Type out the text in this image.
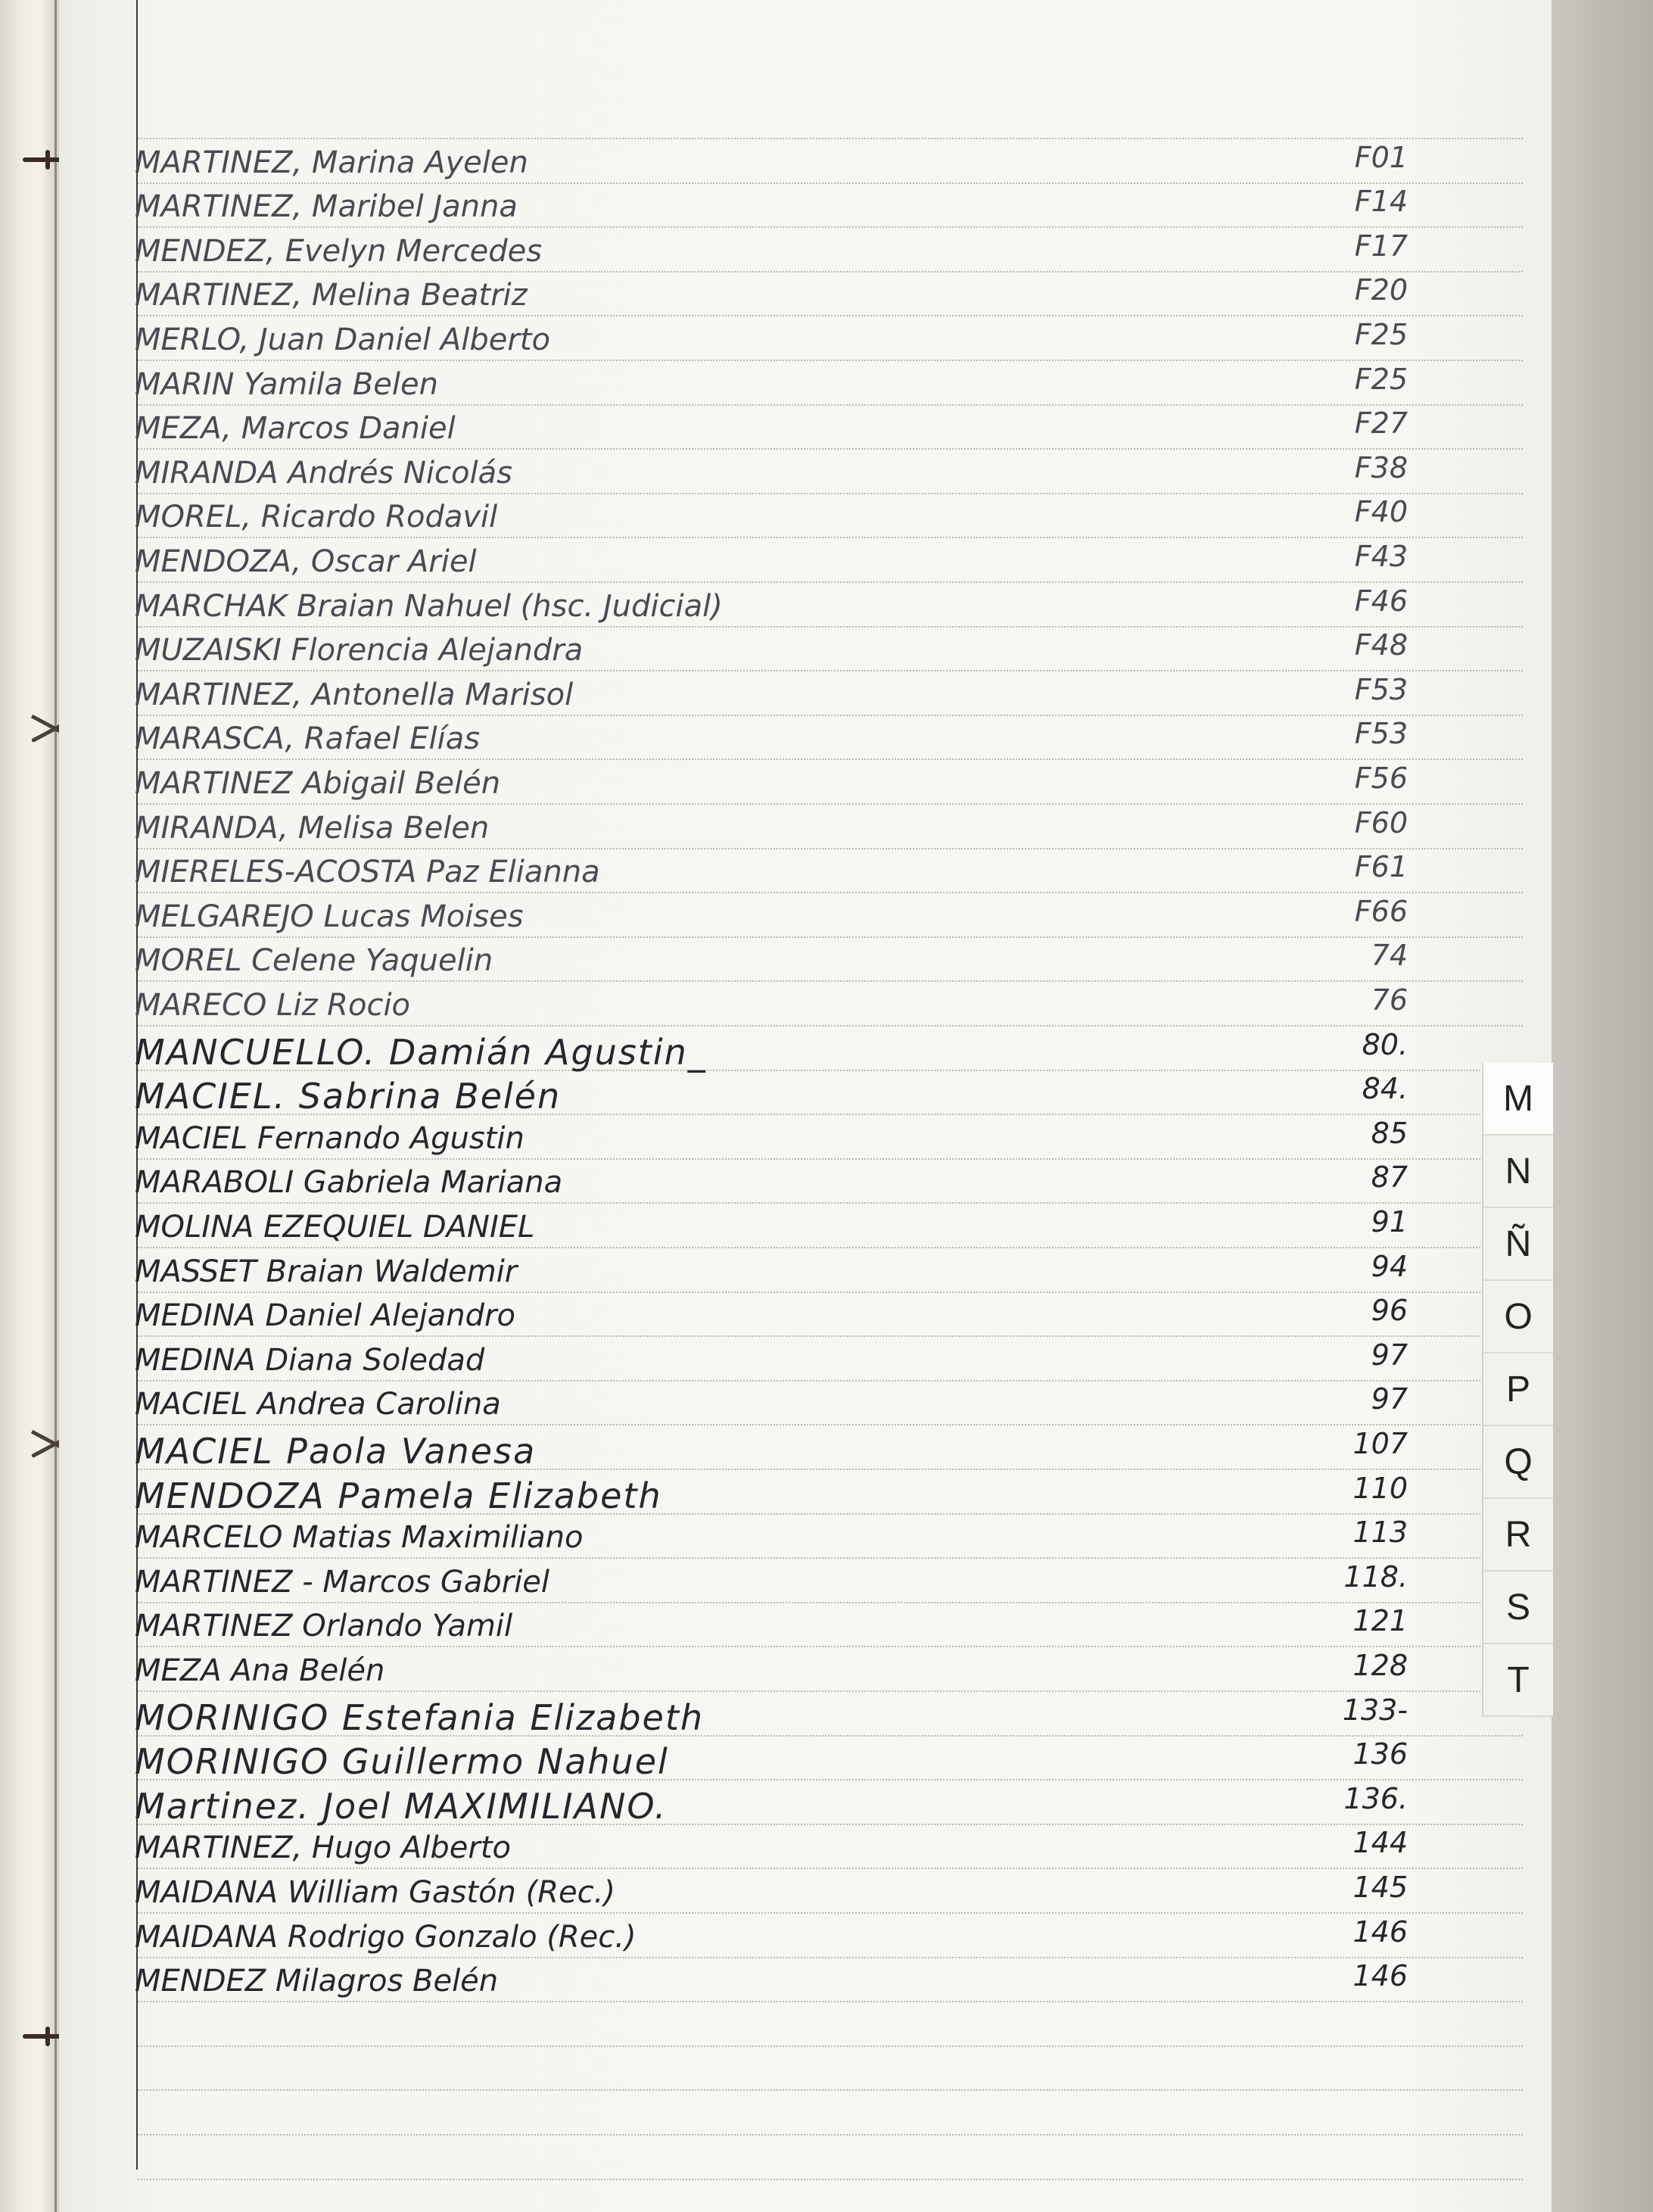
MARTINEZ, Marina Ayelen	F01
MARTINEZ, Maribel Janna	F14
MENDEZ, Evelyn Mercedes	F17
MARTINEZ, Melina Beatriz	F20
MERLO, Juan Daniel Alberto	F25
MARIN Yamila Belen	F25
MEZA, Marcos Daniel	F27
MIRANDA Andrés Nicolás	F38
MOREL, Ricardo Rodavil	F40
MENDOZA, Oscar Ariel	F43
MARCHAK Braian Nahuel (hsc. Judicial)	F46
MUZAISKI Florencia Alejandra	F48
MARTINEZ, Antonella Marisol	F53
MARASCA, Rafael Elías	F53
MARTINEZ Abigail Belén	F56
MIRANDA, Melisa Belen	F60
MIERELES-ACOSTA Paz Elianna	F61
MELGAREJO Lucas Moises	F66
MOREL Celene Yaquelin	74
MARECO Liz Rocio	76
MANCUELLO. Damián Agustin_	80.
MACIEL. Sabrina Belén	84.
MACIEL Fernando Agustin	85
MARABOLI Gabriela Mariana	87
MOLINA EZEQUIEL DANIEL	91
MASSET Braian Waldemir	94
MEDINA Daniel Alejandro	96
MEDINA Diana Soledad	97
MACIEL Andrea Carolina	97
MACIEL Paola Vanesa	107
MENDOZA Pamela Elizabeth	110
MARCELO Matias Maximiliano	113
MARTINEZ - Marcos Gabriel	118.
MARTINEZ Orlando Yamil	121
MEZA Ana Belén	128
MORINIGO Estefania Elizabeth	133-
MORINIGO Guillermo Nahuel	136
Martinez. Joel MAXIMILIANO.	136.
MARTINEZ, Hugo Alberto	144
MAIDANA William Gastón (Rec.)	145
MAIDANA Rodrigo Gonzalo (Rec.)	146
MENDEZ Milagros Belén	146
M
N
Ñ
O
P
Q
R
S
T
